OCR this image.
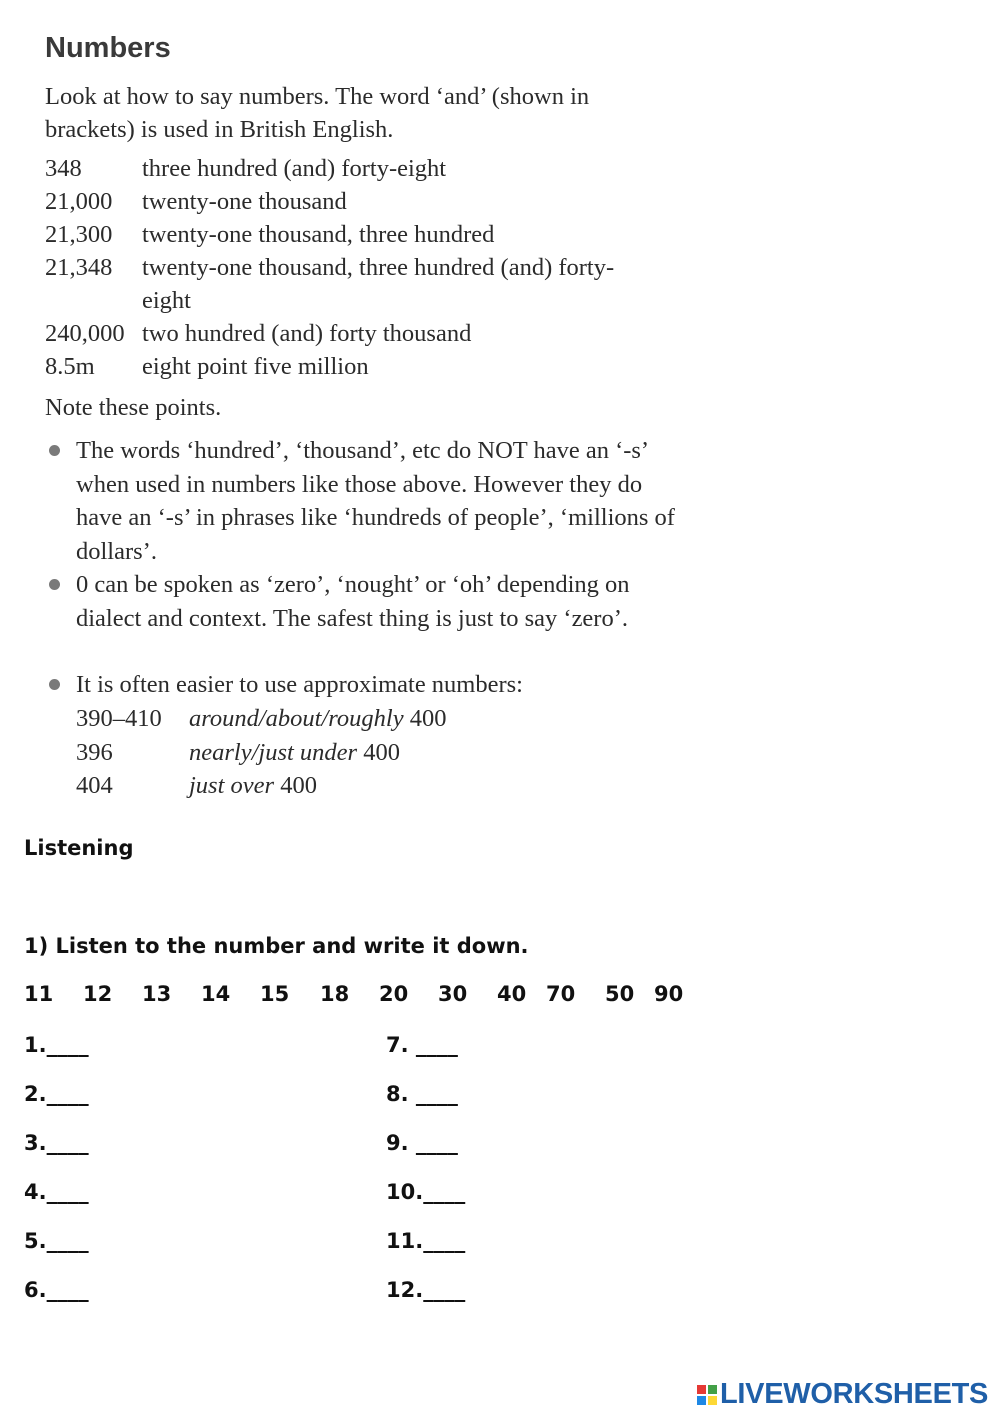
Numbers
Look at how to say numbers. The word ‘and’ (shown in brackets) is used in British English.
348	three hundred (and) forty-eight
21,000	twenty-one thousand
21,300	twenty-one thousand, three hundred
21,348	twenty-one thousand, three hundred (and) forty-eight
240,000 two hundred (and) forty thousand
8.5m	eight point five million
Note these points.
The words ‘hundred’, ‘thousand’, etc do NOT have an ‘-s’ when used in numbers like those above. However they do have an ‘-s’ in phrases like ‘hundreds of people’, ‘millions of dollars’.
0 can be spoken as ‘zero’, ‘nought’ or ‘oh’ depending on dialect and context. The safest thing is just to say ‘zero’.
It is often easier to use approximate numbers:
390–410	around/about/roughly 400
396	nearly/just under 400
404	just over 400
Listening
1) Listen to the number and write it down.
11 12 13 14 15 18 20 30 40 70 50 90
1.____
2.____
3.____
4.____
5.____
6.____
7. ____
8. ____
9. ____
10.____
11.____
12.____
LIVEWORKSHEETS
